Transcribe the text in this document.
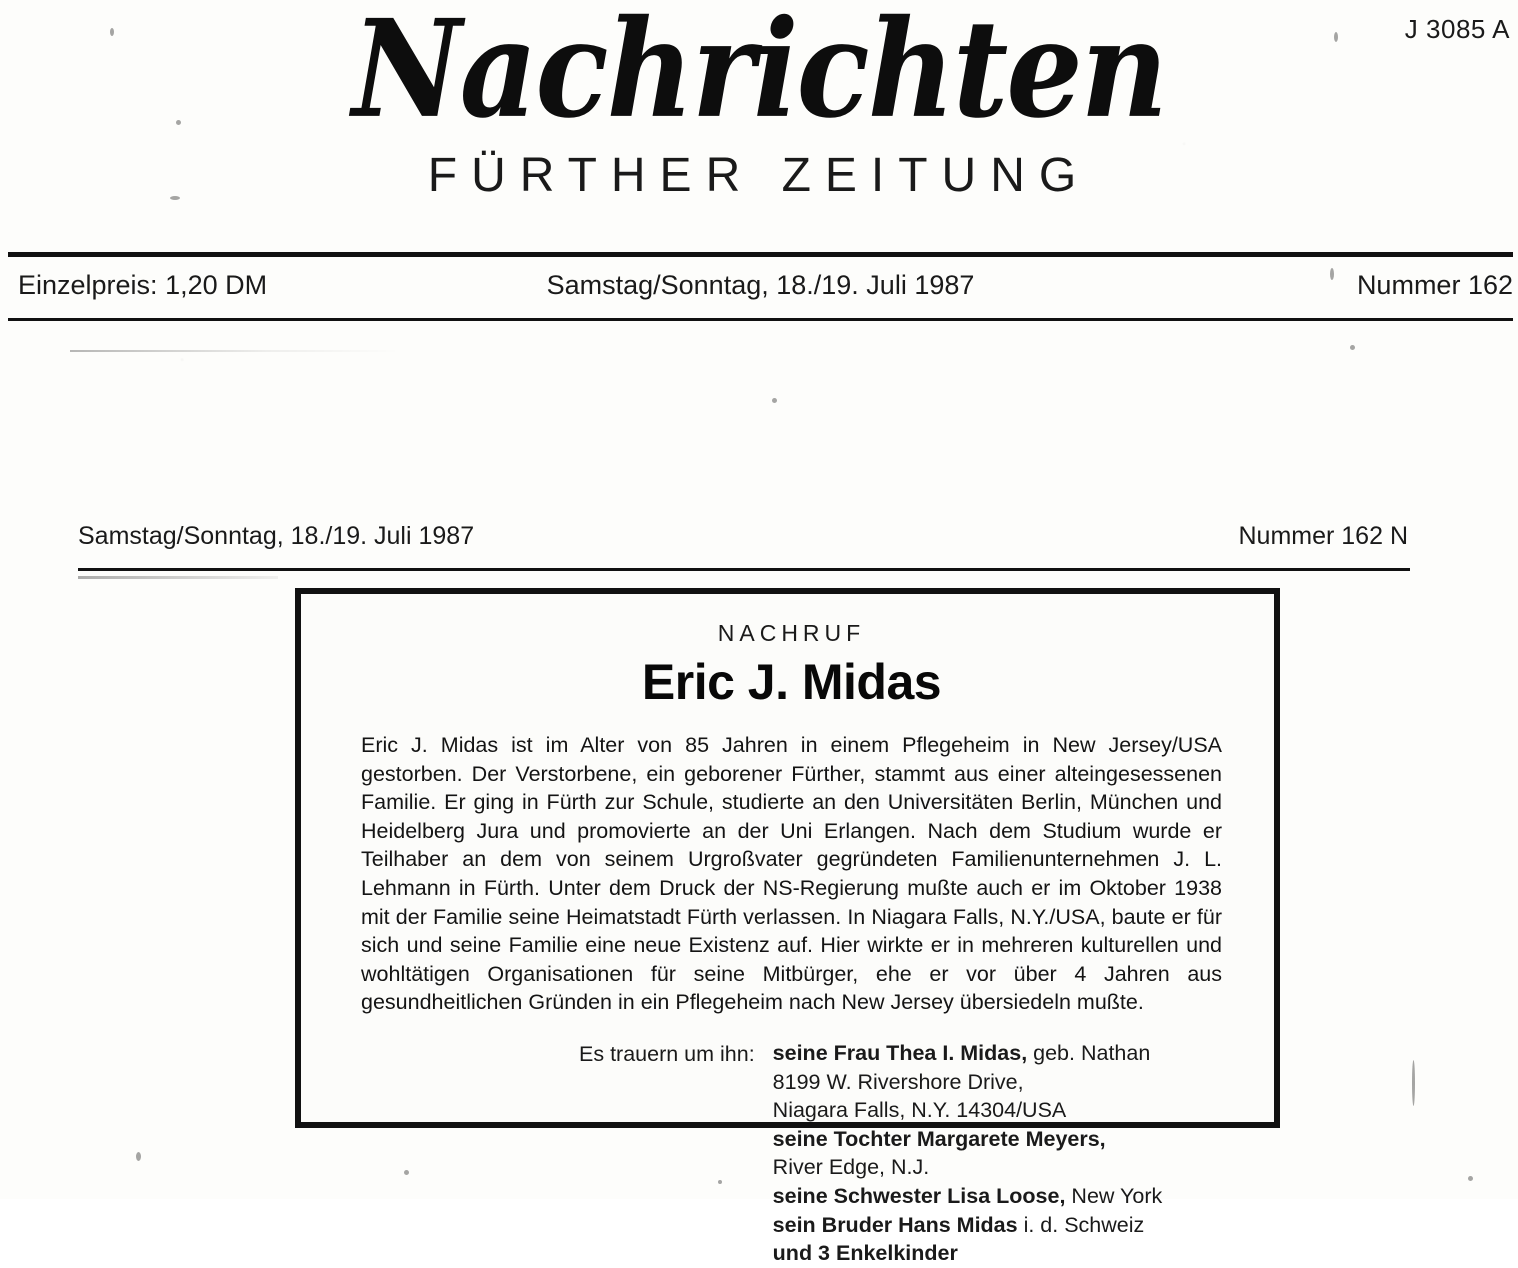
Nachrichten
FÜRTHER ZEITUNG
J 3085 A
Einzelpreis: 1,20 DM	Samstag/Sonntag, 18./19. Juli 1987	Nummer 162
Samstag/Sonntag, 18./19. Juli 1987	Nummer 162 N
NACHRUF
Eric J. Midas
Eric J. Midas ist im Alter von 85 Jahren in einem Pflegeheim in New Jersey/USA gestorben. Der Verstorbene, ein geborener Fürther, stammt aus einer alteingesessenen Familie. Er ging in Fürth zur Schule, studierte an den Universitäten Berlin, München und Heidelberg Jura und promovierte an der Uni Erlangen. Nach dem Studium wurde er Teilhaber an dem von seinem Urgroßvater gegründeten Familienunternehmen J. L. Lehmann in Fürth. Unter dem Druck der NS-Regierung mußte auch er im Oktober 1938 mit der Familie seine Heimatstadt Fürth verlassen. In Niagara Falls, N.Y./USA, baute er für sich und seine Familie eine neue Existenz auf. Hier wirkte er in mehreren kulturellen und wohltätigen Organisationen für seine Mitbürger, ehe er vor über 4 Jahren aus gesundheitlichen Gründen in ein Pflegeheim nach New Jersey übersiedeln mußte.
Es trauern um ihn: seine Frau Thea I. Midas, geb. Nathan
8199 W. Rivershore Drive,
Niagara Falls, N.Y. 14304/USA
seine Tochter Margarete Meyers,
River Edge, N.J.
seine Schwester Lisa Loose, New York
sein Bruder Hans Midas i. d. Schweiz
und 3 Enkelkinder
